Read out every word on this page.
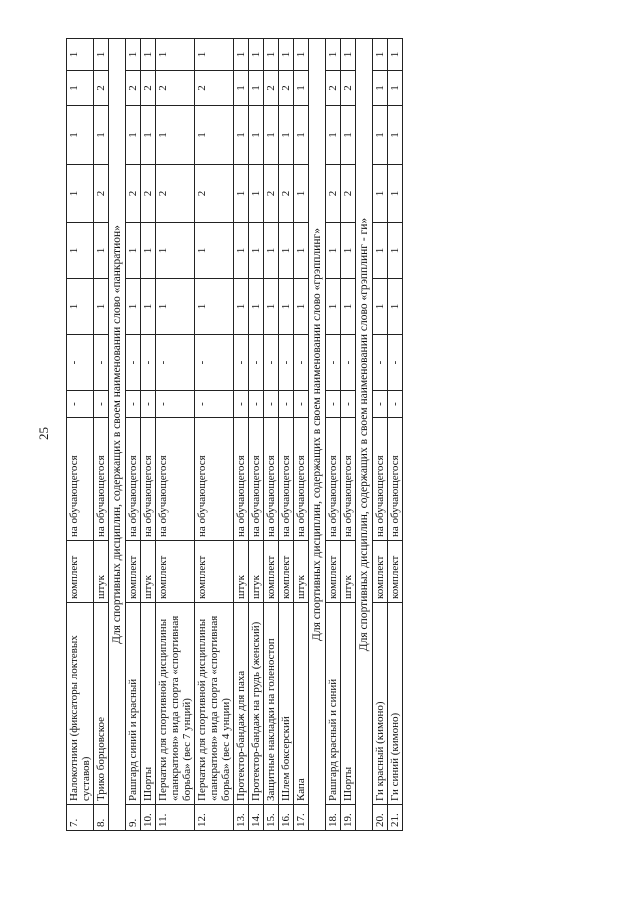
25
7.	Налокотники (фиксаторы локтевых суставов)	комплект	на обучающегося	-	-	1	1	1	1	1	1
8.	Трико борцовское	штук	на обучающегося	-	-	1	1	2	1	2	1
Для спортивных дисциплин, содержащих в своем наименовании слово «панкратион»											
9.	Рашгард синий и красный	комплект	на обучающегося	-	-	1	1	2	1	2	1
10.	Шорты	штук	на обучающегося	-	-	1	1	2	1	2	1
11.	Перчатки для спортивной дисциплины «панкратион» вида спорта «спортивная борьба» (вес 7 унций)	комплект	на обучающегося	-	-	1	1	2	1	2	1
12.	Перчатки для спортивной дисциплины «панкратион» вида спорта «спортивная борьба» (вес 4 унции)	комплект	на обучающегося	-	-	1	1	2	1	2	1
13.	Протектор-бандаж для паха	штук	на обучающегося	-	-	1	1	1	1	1	1
14.	Протектор-бандаж на грудь (женский)	штук	на обучающегося	-	-	1	1	1	1	1	1
15.	Защитные накладки на голеностоп	комплект	на обучающегося	-	-	1	1	2	1	2	1
16.	Шлем боксерский	комплект	на обучающегося	-	-	1	1	2	1	2	1
17.	Капа	штук	на обучающегося	-	-	1	1	1	1	1	1
Для спортивных дисциплин, содержащих в своем наименовании слово «грэпплинг»											
18.	Рашгард красный и синий	комплект	на обучающегося	-	-	1	1	2	1	2	1
19.	Шорты	штук	на обучающегося	-	-	1	1	2	1	2	1
Для спортивных дисциплин, содержащих в своем наименовании слово «грэпплинг - ги»											
20.	Ги красный (кимоно)	комплект	на обучающегося	-	-	1	1	1	1	1	1
21.	Ги синий (кимоно)	комплект	на обучающегося	-	-	1	1	1	1	1	1
